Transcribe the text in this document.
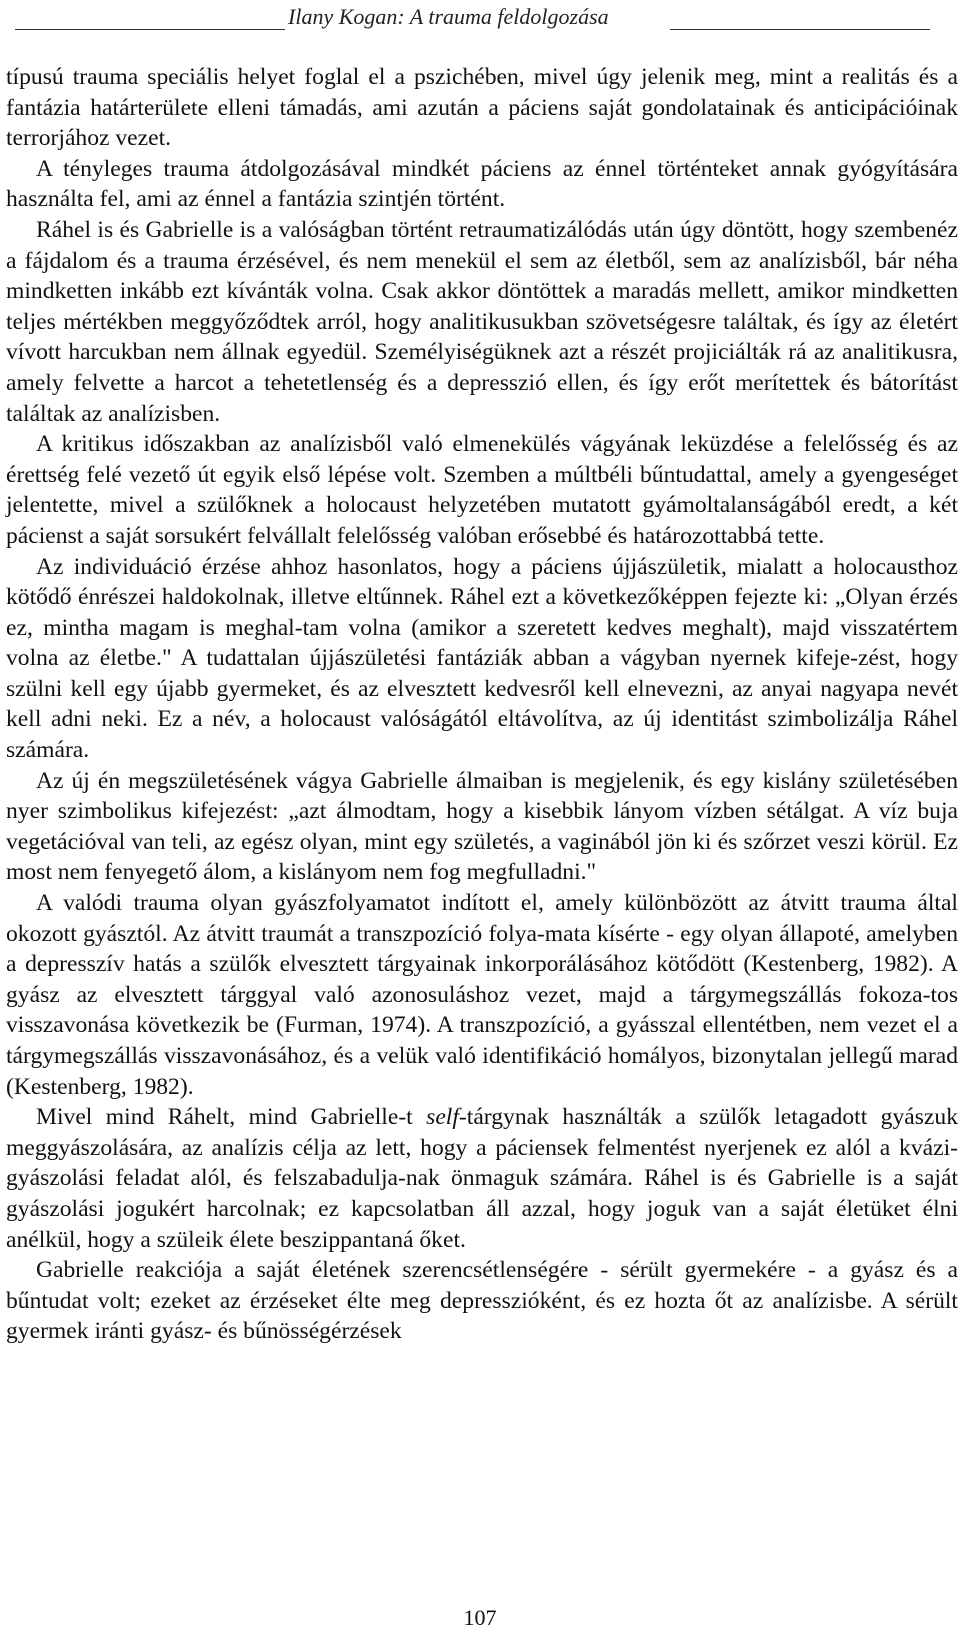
Ilany Kogan: A trauma feldolgozása

típusú trauma speciális helyet foglal el a pszichében, mivel úgy jelenik meg, mint a realitás és a fantázia határterülete elleni támadás, ami azután a páciens saját gondolatainak és anticipációinak terrorjához vezet.

A tényleges trauma átdolgozásával mindkét páciens az énnel történteket annak gyógyítására használta fel, ami az énnel a fantázia szintjén történt.

Ráhel is és Gabrielle is a valóságban történt retraumatizálódás után úgy döntött, hogy szembenéz a fájdalom és a trauma érzésével, és nem menekül el sem az életből, sem az analízisből, bár néha mindketten inkább ezt kívánták volna. Csak akkor döntöttek a maradás mellett, amikor mindketten teljes mértékben meggyőződtek arról, hogy analitikusukban szövetségesre találtak, és így az életért vívott harcukban nem állnak egyedül. Személyiségüknek azt a részét projiciálták rá az analitikusra, amely felvette a harcot a tehetetlenség és a depresszió ellen, és így erőt merítettek és bátorítást találtak az analízisben.

A kritikus időszakban az analízisből való elmenekülés vágyának leküzdése a felelősség és az érettség felé vezető út egyik első lépése volt. Szemben a múltbéli bűntudattal, amely a gyengeséget jelentette, mivel a szülőknek a holocaust helyzetében mutatott gyámoltalanságából eredt, a két pácienst a saját sorsukért felvállalt felelősség valóban erősebbé és határozottabbá tette.

Az individuáció érzése ahhoz hasonlatos, hogy a páciens újjászületik, mialatt a holocausthoz kötődő énrészei haldokolnak, illetve eltűnnek. Ráhel ezt a következőképpen fejezte ki: „Olyan érzés ez, mintha magam is meghal-tam volna (amikor a szeretett kedves meghalt), majd visszatértem volna az életbe." A tudattalan újjászületési fantáziák abban a vágyban nyernek kifeje-zést, hogy szülni kell egy újabb gyermeket, és az elvesztett kedvesről kell elnevezni, az anyai nagyapa nevét kell adni neki. Ez a név, a holocaust valóságától eltávolítva, az új identitást szimbolizálja Ráhel számára.

Az új én megszületésének vágya Gabrielle álmaiban is megjelenik, és egy kislány születésében nyer szimbolikus kifejezést: „azt álmodtam, hogy a kisebbik lányom vízben sétálgat. A víz buja vegetációval van teli, az egész olyan, mint egy születés, a vaginából jön ki és szőrzet veszi körül. Ez most nem fenyegető álom, a kislányom nem fog megfulladni."

A valódi trauma olyan gyászfolyamatot indított el, amely különbözött az átvitt trauma által okozott gyásztól. Az átvitt traumát a transzpozíció folya-mata kísérte - egy olyan állapoté, amelyben a depresszív hatás a szülők elvesztett tárgyainak inkorporálásához kötődött (Kestenberg, 1982). A gyász az elvesztett tárggyal való azonosuláshoz vezet, majd a tárgymegszállás fokoza-tos visszavonása következik be (Furman, 1974). A transzpozíció, a gyásszal ellentétben, nem vezet el a tárgymegszállás visszavonásához, és a velük való identifikáció homályos, bizonytalan jellegű marad (Kestenberg, 1982).

Mivel mind Ráhelt, mind Gabrielle-t self-tárgynak használták a szülők letagadott gyászuk meggyászolására, az analízis célja az lett, hogy a páciensek felmentést nyerjenek ez alól a kvázi-gyászolási feladat alól, és felszabadulja-nak önmaguk számára. Ráhel is és Gabrielle is a saját gyászolási jogukért harcolnak; ez kapcsolatban áll azzal, hogy joguk van a saját életüket élni anélkül, hogy a szüleik élete beszippantaná őket.

Gabrielle reakciója a saját életének szerencsétlenségére - sérült gyermekére - a gyász és a bűntudat volt; ezeket az érzéseket élte meg depresszióként, és ez hozta őt az analízisbe. A sérült gyermek iránti gyász- és bűnösségérzések

107
